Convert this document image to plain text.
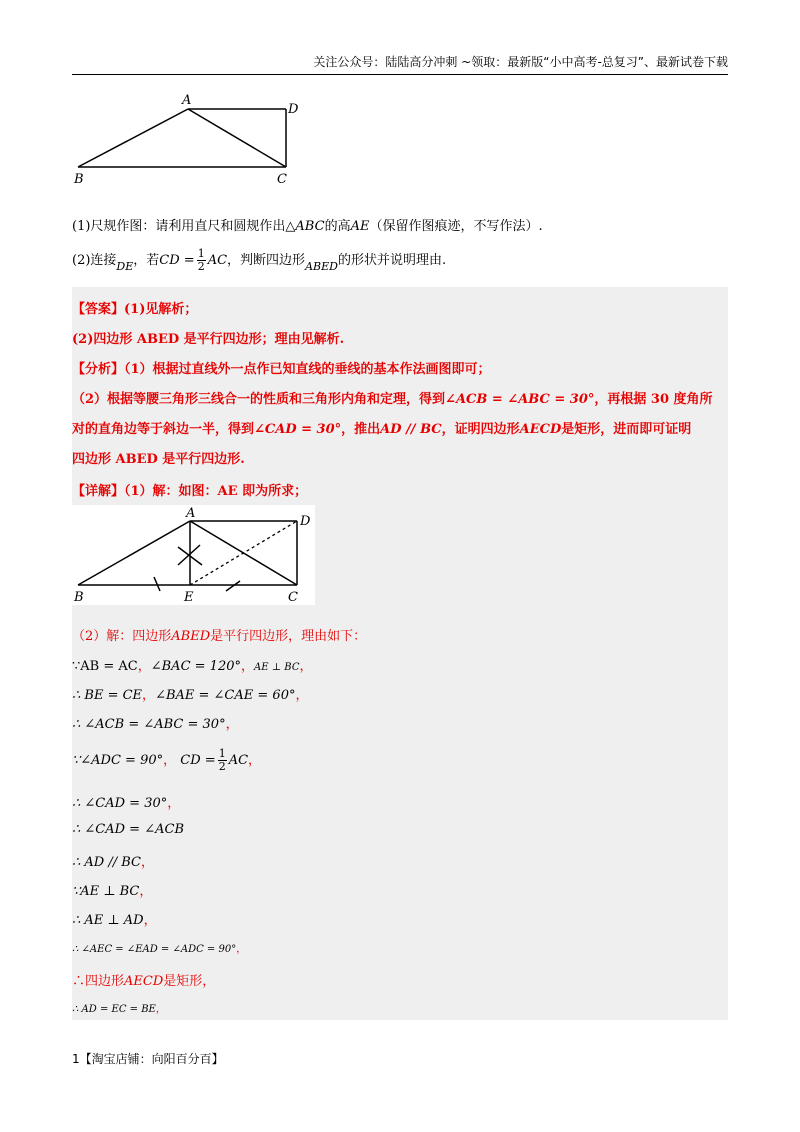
关注公众号：陆陆高分冲刺 ~领取：最新版“小中高考-总复习”、最新试卷下载
A
D
B	C
(1)尺规作图：请利用直尺和圆规作出△ABC的高AE（保留作图痕迹，不写作法）.
(2)连接$_{DE}$，若CD = $\frac{1}{2}$ AC，判断四边形$_{ABED}$的形状并说明理由.
【答案】(1)见解析；
(2)四边形 ABED 是平行四边形；理由见解析.
【分析】（1）根据过直线外一点作已知直线的垂线的基本作法画图即可；
（2）根据等腰三角形三线合一的性质和三角形内角和定理，得到∠ACB = ∠ABC = 30°，再根据 30 度角所
对的直角边等于斜边一半，得到∠CAD = 30°，推出AD // BC，证明四边形AECD是矩形，进而即可证明
四边形 ABED 是平行四边形.
【详解】（1）解：如图：AE 即为所求；
A
D
B	E	C
（2）解：四边形ABED是平行四边形，理由如下：
∵AB = AC，∠BAC = 120°，AE ⊥ BC，
∴ BE = CE，∠BAE = ∠CAE = 60°，
∴ ∠ACB = ∠ABC = 30°，
∵∠ADC = 90°， CD = $\frac{1}{2}$ AC，
∴ ∠CAD = 30°，
∴ ∠CAD = ∠ACB
∴ AD // BC，
∵AE ⊥ BC，
∴ AE ⊥ AD，
∴ ∠AEC = ∠EAD = ∠ADC = 90°，
∴四边形AECD是矩形，
∴ AD = EC = BE，
1【淘宝店铺：向阳百分百】
